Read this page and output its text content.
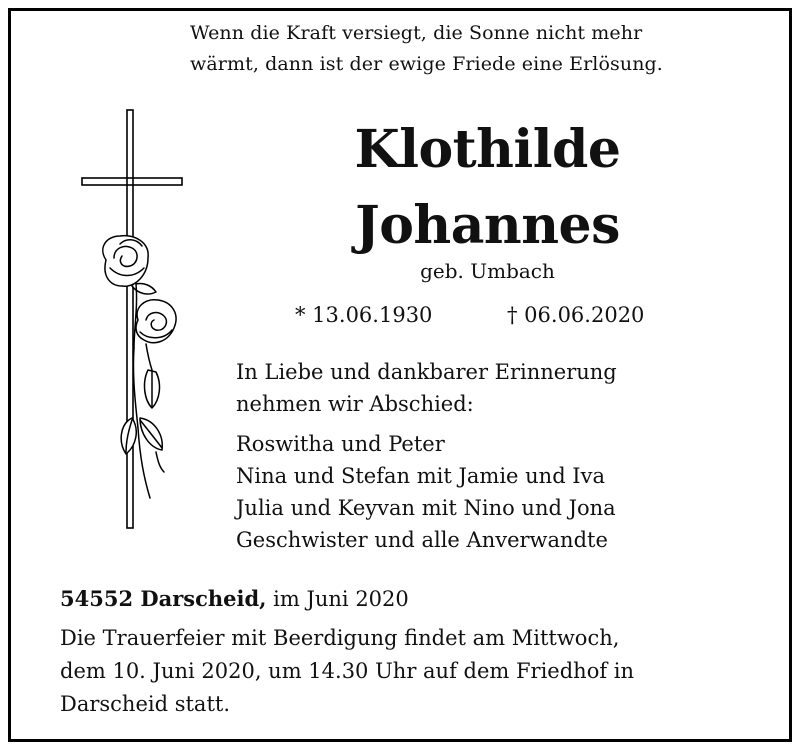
Wenn die Kraft versiegt, die Sonne nicht mehr
wärmt, dann ist der ewige Friede eine Erlösung.
Klothilde
Johannes
geb. Umbach
* 13.06.1930	† 06.06.2020
In Liebe und dankbarer Erinnerung
nehmen wir Abschied:
Roswitha und Peter
Nina und Stefan mit Jamie und Iva
Julia und Keyvan mit Nino und Jona
Geschwister und alle Anverwandte
54552 Darscheid, im Juni 2020
Die Trauerfeier mit Beerdigung findet am Mittwoch,
dem 10. Juni 2020, um 14.30 Uhr auf dem Friedhof in
Darscheid statt.
